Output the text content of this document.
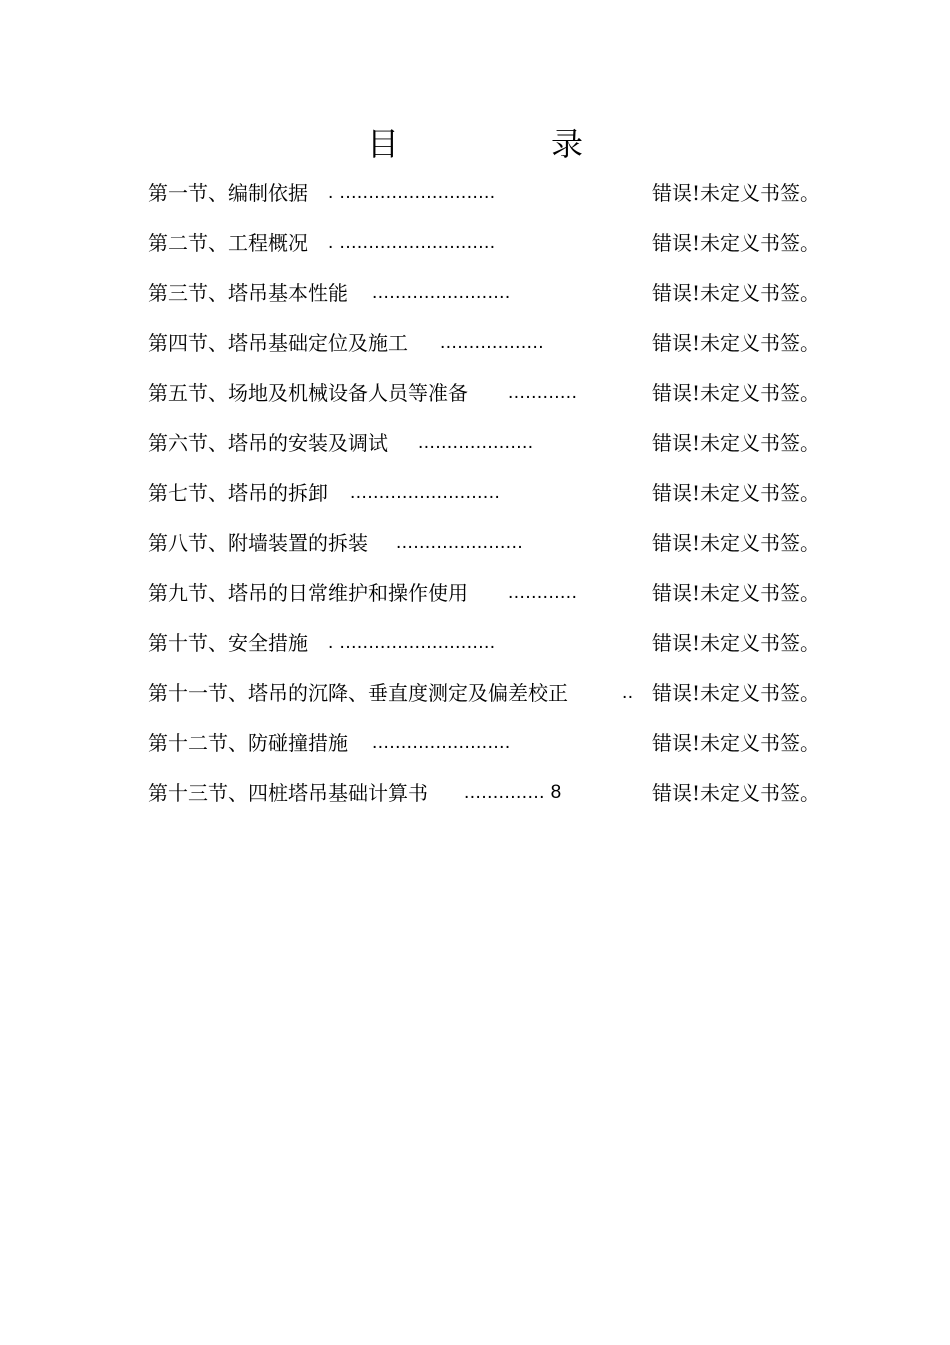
目　录
第一节、编制依据 . ...........................	错误!未定义书签。
第二节、工程概况 . ...........................	错误!未定义书签。
第三节、塔吊基本性能 ........................	错误!未定义书签。
第四节、塔吊基础定位及施工 ..................	错误!未定义书签。
第五节、场地及机械设备人员等准备 ............	错误!未定义书签。
第六节、塔吊的安装及调试 ....................	错误!未定义书签。
第七节、塔吊的拆卸 ..........................	错误!未定义书签。
第八节、附墙装置的拆装 ......................	错误!未定义书签。
第九节、塔吊的日常维护和操作使用 ............	错误!未定义书签。
第十节、安全措施 . ...........................	错误!未定义书签。
第十一节、塔吊的沉降、垂直度测定及偏差校正	.. 错误!未定义书签。
第十二节、防碰撞措施 ........................	错误!未定义书签。
第十三节、四桩塔吊基础计算书 .............. 8	错误!未定义书签。
